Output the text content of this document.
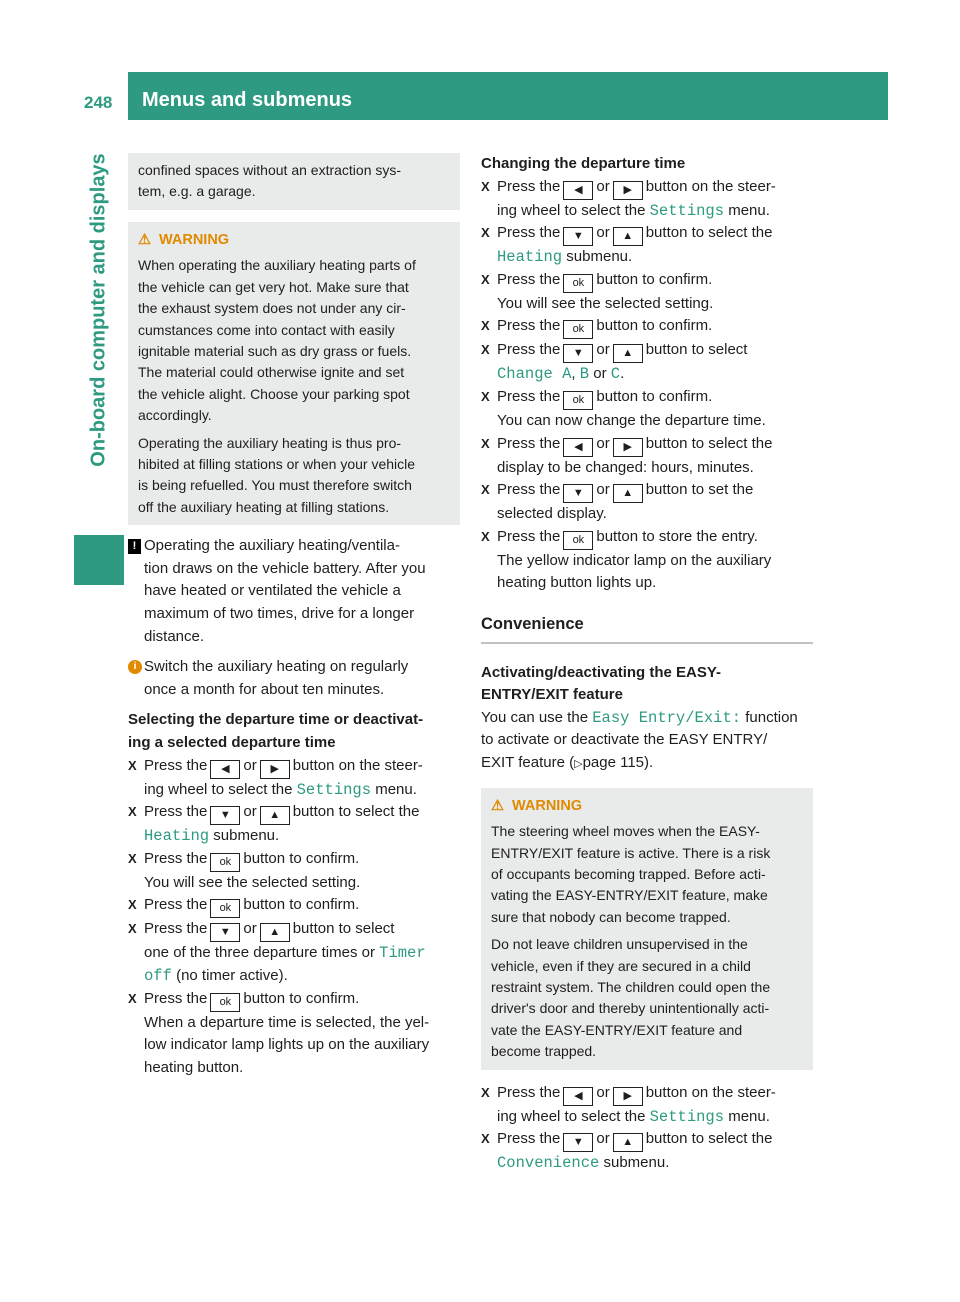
248 Menus and submenus
On-board computer and displays confined spaces without an extraction sys-
tem, e.g. a garage.

⚠ WARNING

When operating the auxiliary heating parts of
the vehicle can get very hot. Make sure that
the exhaust system does not under any cir-
cumstances come into contact with easily
ignitable material such as dry grass or fuels.
The material could otherwise ignite and set
the vehicle alight. Choose your parking spot
accordingly.

Operating the auxiliary heating is thus pro-
hibited at filling stations or when your vehicle
is being refuelled. You must therefore switch
off the auxiliary heating at filling stations.

! Operating the auxiliary heating/ventila-
tion draws on the vehicle battery. After you
have heated or ventilated the vehicle a
maximum of two times, drive for a longer
distance.
i Switch the auxiliary heating on regularly
once a month for about ten minutes.
Selecting the departure time or deactivat-
ing a selected departure time
X Press the ◀ or ▶ button on the steer-
ing wheel to select the Settings menu.
X Press the ▼ or ▲ button to select the
Heating submenu.
X Press the ok button to confirm.
You will see the selected setting.
X Press the ok button to confirm.
X Press the ▼ or ▲ button to select
one of the three departure times or Timer
off (no timer active).
X Press the ok button to confirm.
When a departure time is selected, the yel-
low indicator lamp lights up on the auxiliary
heating button.
Changing the departure time
X Press the ◀ or ▶ button on the steer-
ing wheel to select the Settings menu.
X Press the ▼ or ▲ button to select the
Heating submenu.
X Press the ok button to confirm.
You will see the selected setting.
X Press the ok button to confirm.
X Press the ▼ or ▲ button to select
Change A, B or C.
X Press the ok button to confirm.
You can now change the departure time.
X Press the ◀ or ▶ button to select the
display to be changed: hours, minutes.
X Press the ▼ or ▲ button to set the
selected display.
X Press the ok button to store the entry.
The yellow indicator lamp on the auxiliary
heating button lights up.
Convenience
Activating/deactivating the EASY-
ENTRY/EXIT feature
You can use the Easy Entry/Exit: function
to activate or deactivate the EASY ENTRY/
EXIT feature (▷page 115).
⚠ WARNING

The steering wheel moves when the EASY-
ENTRY/EXIT feature is active. There is a risk
of occupants becoming trapped. Before acti-
vating the EASY-ENTRY/EXIT feature, make
sure that nobody can become trapped.

Do not leave children unsupervised in the
vehicle, even if they are secured in a child
restraint system. The children could open the
driver's door and thereby unintentionally acti-
vate the EASY-ENTRY/EXIT feature and
become trapped.

X Press the ◀ or ▶ button on the steer-
ing wheel to select the Settings menu.
X Press the ▼ or ▲ button to select the
Convenience submenu.
